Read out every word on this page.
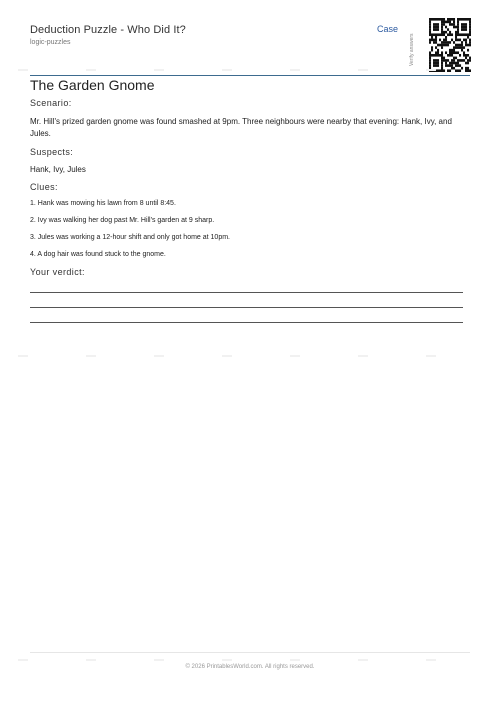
Deduction Puzzle - Who Did It?
logic-puzzles
Case
Verify answers
The Garden Gnome
Scenario:
Mr. Hill's prized garden gnome was found smashed at 9pm. Three neighbours were nearby that evening: Hank, Ivy, and Jules.
Suspects:
Hank, Ivy, Jules
Clues:
1. Hank was mowing his lawn from 8 until 8:45.
2. Ivy was walking her dog past Mr. Hill's garden at 9 sharp.
3. Jules was working a 12-hour shift and only got home at 10pm.
4. A dog hair was found stuck to the gnome.
Your verdict:
© 2026 PrintablesWorld.com. All rights reserved.
